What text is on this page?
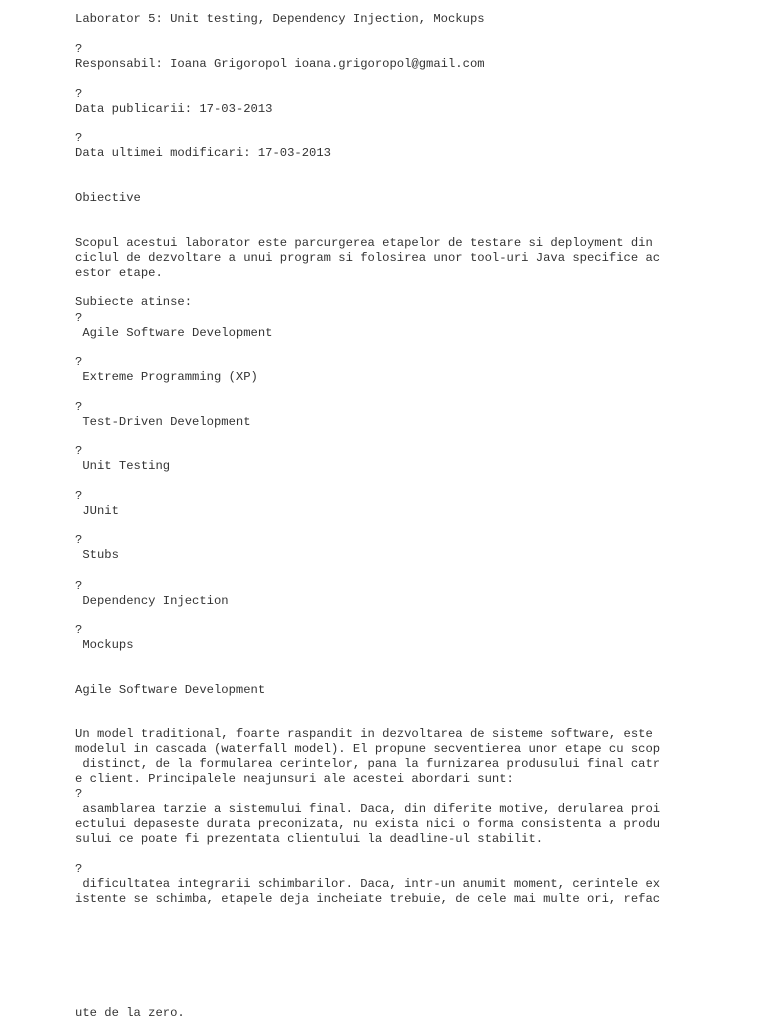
Laborator 5: Unit testing, Dependency Injection, Mockups

?

Responsabil: Ioana Grigoropol ioana.grigoropol@gmail.com

?

Data publicarii: 17-03-2013

?

Data ultimei modificari: 17-03-2013

Obiective

Scopul acestui laborator este parcurgerea etapelor de testare si deployment din

ciclul de dezvoltare a unui program si folosirea unor tool-uri Java specifice ac

estor etape.

Subiecte atinse:

?

Agile Software Development

?

Extreme Programming (XP)

?

Test-Driven Development

?

Unit Testing

?

JUnit

?

Stubs

?

Dependency Injection

?

Mockups

Agile Software Development

Un model traditional, foarte raspandit in dezvoltarea de sisteme software, este

modelul in cascada (waterfall model). El propune secventierea unor etape cu scop

distinct, de la formularea cerintelor, pana la furnizarea produsului final catr

e client. Principalele neajunsuri ale acestei abordari sunt:

?

asamblarea tarzie a sistemului final. Daca, din diferite motive, derularea proi

ectului depaseste durata preconizata, nu exista nici o forma consistenta a produ

sului ce poate fi prezentata clientului la deadline-ul stabilit.

?

dificultatea integrarii schimbarilor. Daca, intr-un anumit moment, cerintele ex

istente se schimba, etapele deja incheiate trebuie, de cele mai multe ori, refac

ute de la zero.
